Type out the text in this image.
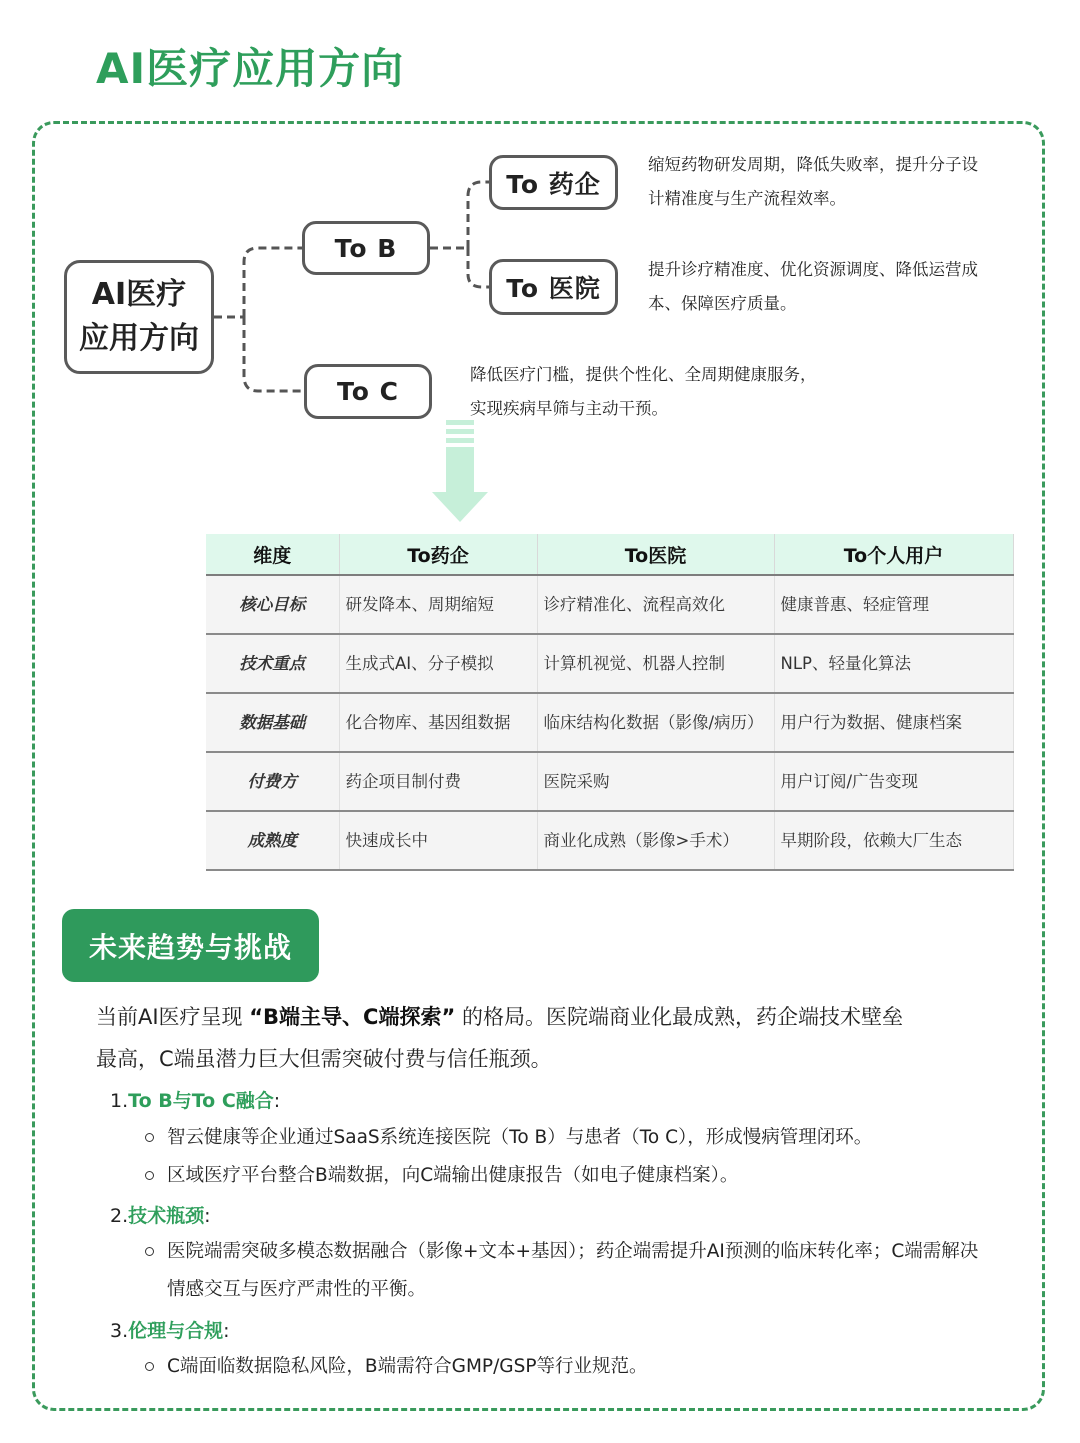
AI医疗应用方向
AI医疗
应用方向
To B
To C
To 药企
To 医院
缩短药物研发周期，降低失败率，提升分子设
计精准度与生产流程效率。
提升诊疗精准度、优化资源调度、降低运营成
本、保障医疗质量。
降低医疗门槛，提供个性化、全周期健康服务，
实现疾病早筛与主动干预。
维度	To药企	To医院	To个人用户
核心目标	研发降本、周期缩短	诊疗精准化、流程高效化	健康普惠、轻症管理
技术重点	生成式AI、分子模拟	计算机视觉、机器人控制	NLP、轻量化算法
数据基础	化合物库、基因组数据	临床结构化数据（影像/病历）	用户行为数据、健康档案
付费方	药企项目制付费	医院采购	用户订阅/广告变现
成熟度	快速成长中	商业化成熟（影像>手术）	早期阶段，依赖大厂生态
未来趋势与挑战
当前AI医疗呈现 “B端主导、C端探索” 的格局。医院端商业化最成熟，药企端技术壁垒
最高，C端虽潜力巨大但需突破付费与信任瓶颈。
1.To B与To C融合:
智云健康等企业通过SaaS系统连接医院（To B）与患者（To C），形成慢病管理闭环。
区域医疗平台整合B端数据，向C端输出健康报告（如电子健康档案）。
2.技术瓶颈:
医院端需突破多模态数据融合（影像+文本+基因）；药企端需提升AI预测的临床转化率；C端需解决情感交互与医疗严肃性的平衡。
3.伦理与合规:
C端面临数据隐私风险，B端需符合GMP/GSP等行业规范。
